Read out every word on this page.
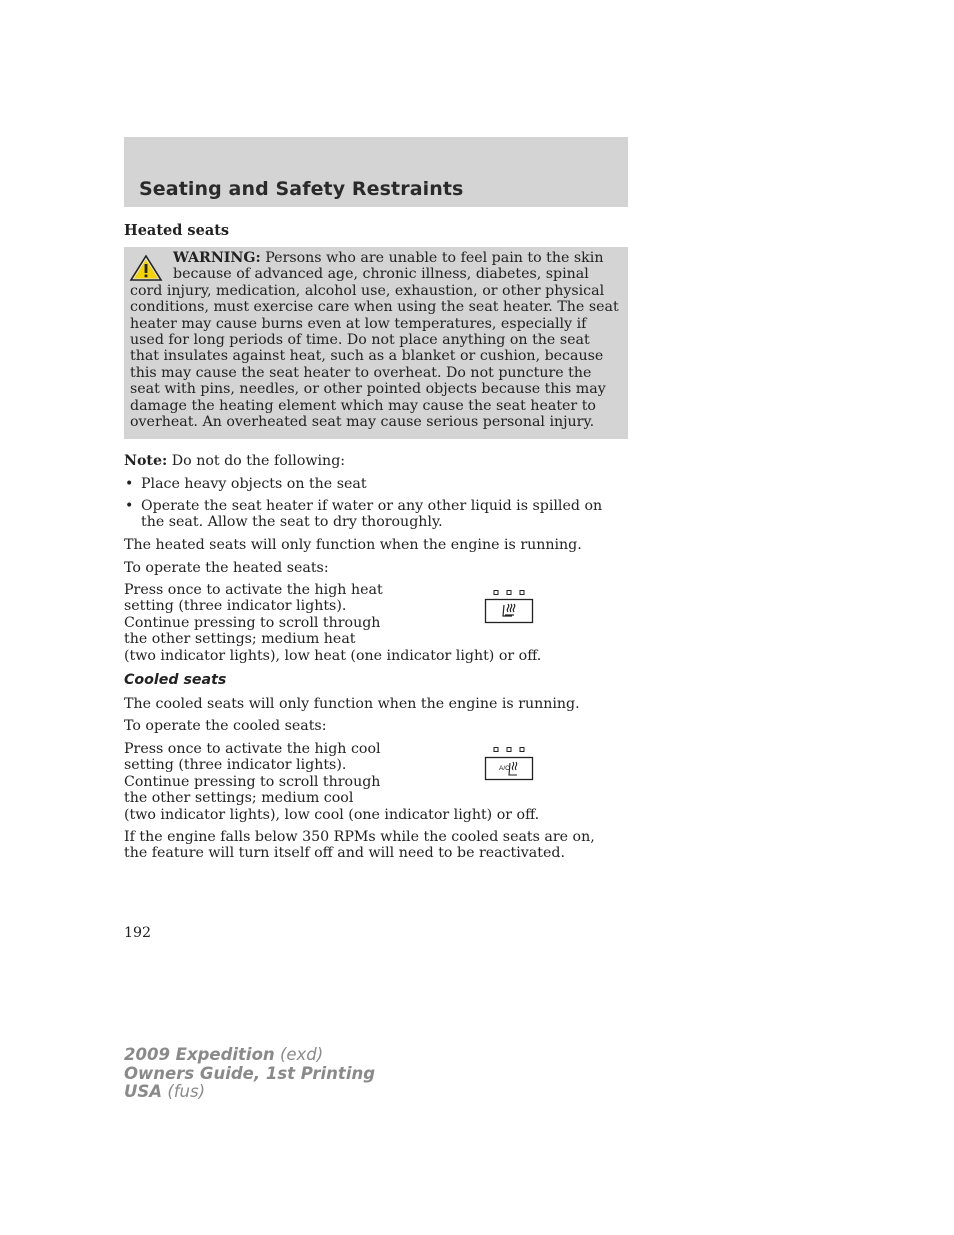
Seating and Safety Restraints
Heated seats
WARNING: Persons who are unable to feel pain to the skin because of advanced age, chronic illness, diabetes, spinal cord injury, medication, alcohol use, exhaustion, or other physical conditions, must exercise care when using the seat heater. The seat heater may cause burns even at low temperatures, especially if used for long periods of time. Do not place anything on the seat that insulates against heat, such as a blanket or cushion, because this may cause the seat heater to overheat. Do not puncture the seat with pins, needles, or other pointed objects because this may damage the heating element which may cause the seat heater to overheat. An overheated seat may cause serious personal injury.
Note: Do not do the following:
• Place heavy objects on the seat
• Operate the seat heater if water or any other liquid is spilled on the seat. Allow the seat to dry thoroughly.
The heated seats will only function when the engine is running.
To operate the heated seats:
Press once to activate the high heat
setting (three indicator lights).
Continue pressing to scroll through
the other settings; medium heat
(two indicator lights), low heat (one indicator light) or off.
Cooled seats
The cooled seats will only function when the engine is running.
To operate the cooled seats:
Press once to activate the high cool
setting (three indicator lights).
Continue pressing to scroll through
the other settings; medium cool
(two indicator lights), low cool (one indicator light) or off.
A/C
If the engine falls below 350 RPMs while the cooled seats are on, the feature will turn itself off and will need to be reactivated.
192
2009 Expedition (exd)
Owners Guide, 1st Printing
USA (fus)
